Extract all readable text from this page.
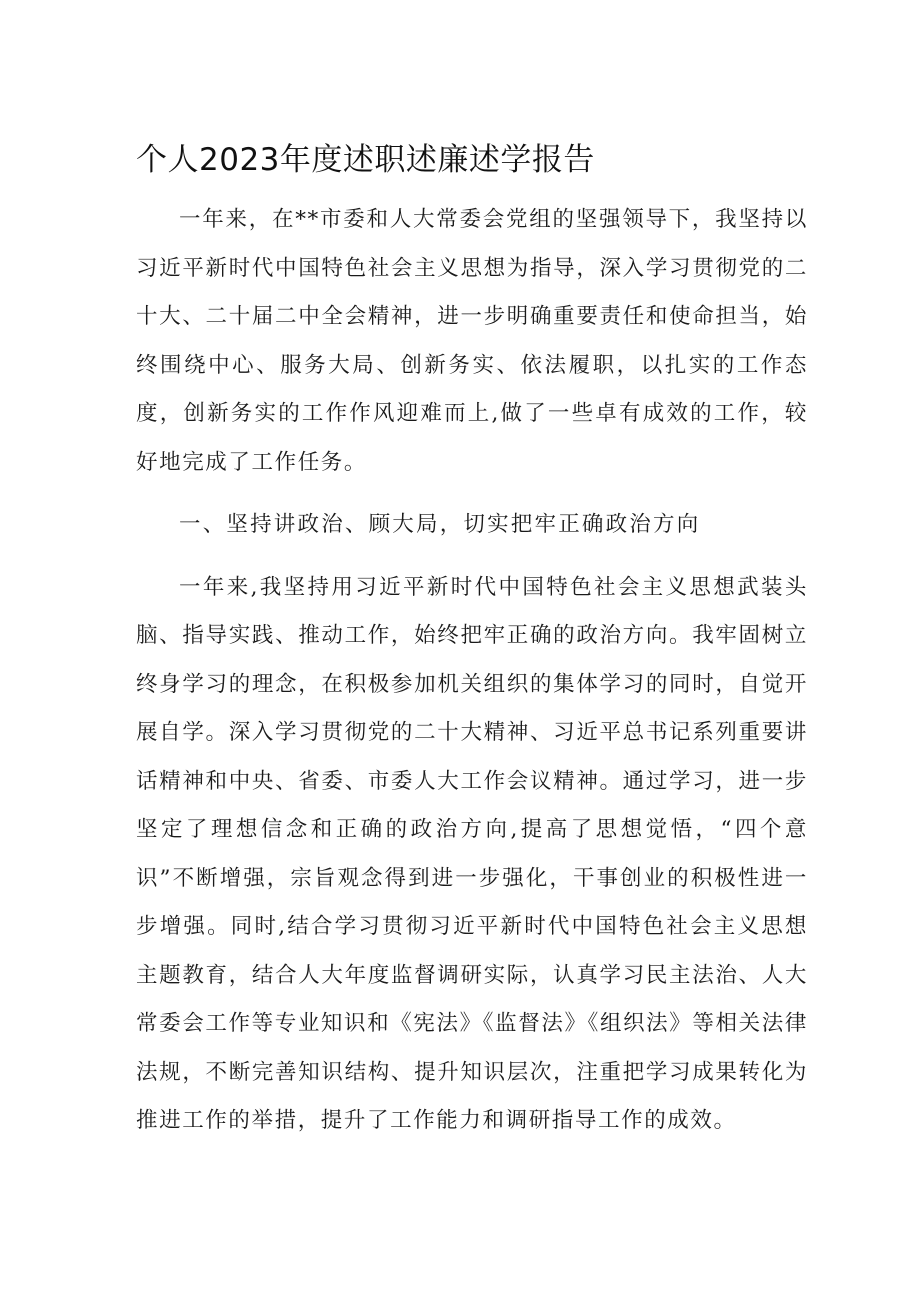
个人2023年度述职述廉述学报告

一年来，在**市委和人大常委会党组的坚强领导下，我坚持以习近平新时代中国特色社会主义思想为指导，深入学习贯彻党的二十大、二十届二中全会精神，进一步明确重要责任和使命担当，始终围绕中心、服务大局、创新务实、依法履职，以扎实的工作态度，创新务实的工作作风迎难而上,做了一些卓有成效的工作，较好地完成了工作任务。

一、坚持讲政治、顾大局，切实把牢正确政治方向

一年来,我坚持用习近平新时代中国特色社会主义思想武装头脑、指导实践、推动工作，始终把牢正确的政治方向。我牢固树立终身学习的理念，在积极参加机关组织的集体学习的同时，自觉开展自学。深入学习贯彻党的二十大精神、习近平总书记系列重要讲话精神和中央、省委、市委人大工作会议精神。通过学习，进一步坚定了理想信念和正确的政治方向,提高了思想觉悟，“四个意识”不断增强，宗旨观念得到进一步强化，干事创业的积极性进一步增强。同时,结合学习贯彻习近平新时代中国特色社会主义思想主题教育，结合人大年度监督调研实际，认真学习民主法治、人大常委会工作等专业知识和《宪法》《监督法》《组织法》等相关法律法规，不断完善知识结构、提升知识层次，注重把学习成果转化为推进工作的举措，提升了工作能力和调研指导工作的成效。
